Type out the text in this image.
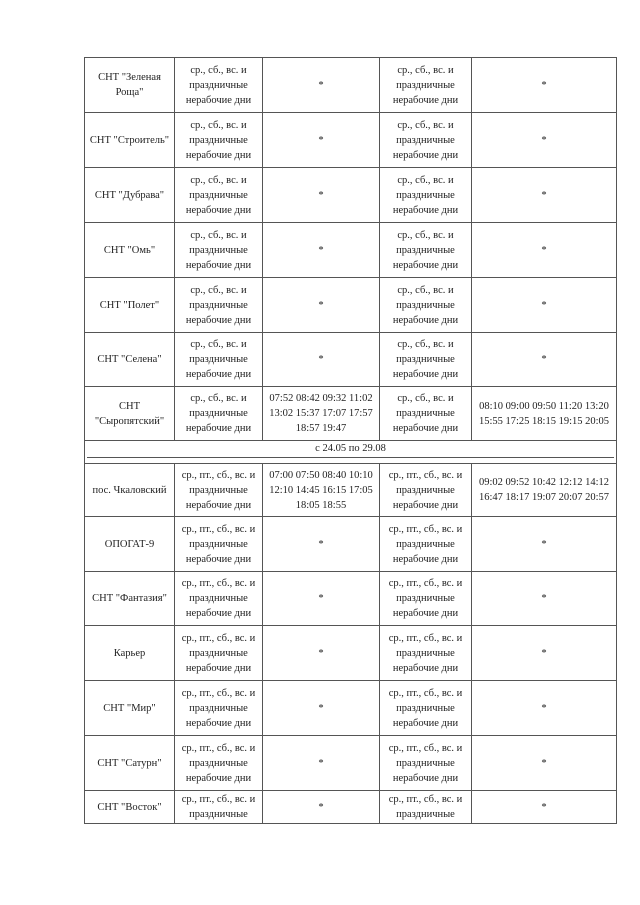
СНТ "Зеленая Роща"	ср., сб., вс. и праздничные нерабочие дни	*	ср., сб., вс. и праздничные нерабочие дни	*
СНТ "Строитель"	ср., сб., вс. и праздничные нерабочие дни	*	ср., сб., вс. и праздничные нерабочие дни	*
СНТ "Дубрава"	ср., сб., вс. и праздничные нерабочие дни	*	ср., сб., вс. и праздничные нерабочие дни	*
СНТ "Омь"	ср., сб., вс. и праздничные нерабочие дни	*	ср., сб., вс. и праздничные нерабочие дни	*
СНТ "Полет"	ср., сб., вс. и праздничные нерабочие дни	*	ср., сб., вс. и праздничные нерабочие дни	*
СНТ "Селена"	ср., сб., вс. и праздничные нерабочие дни	*	ср., сб., вс. и праздничные нерабочие дни	*
СНТ "Сыропятский"	ср., сб., вс. и праздничные нерабочие дни	07:52 08:42 09:32 11:02 13:02 15:37 17:07 17:57 18:57 19:47	ср., сб., вс. и праздничные нерабочие дни	08:10 09:00 09:50 11:20 13:20 15:55 17:25 18:15 19:15 20:05

с 24.05 по 29.08				

пос. Чкаловский	ср., пт., сб., вс. и праздничные нерабочие дни	07:00 07:50 08:40 10:10 12:10 14:45 16:15 17:05 18:05 18:55	ср., пт., сб., вс. и праздничные нерабочие дни	09:02 09:52 10:42 12:12 14:12 16:47 18:17 19:07 20:07 20:57
ОПОГАТ-9	ср., пт., сб., вс. и праздничные нерабочие дни	*	ср., пт., сб., вс. и праздничные нерабочие дни	*
СНТ "Фантазия"	ср., пт., сб., вс. и праздничные нерабочие дни	*	ср., пт., сб., вс. и праздничные нерабочие дни	*
Карьер	ср., пт., сб., вс. и праздничные нерабочие дни	*	ср., пт., сб., вс. и праздничные нерабочие дни	*
СНТ "Мир"	ср., пт., сб., вс. и праздничные нерабочие дни	*	ср., пт., сб., вс. и праздничные нерабочие дни	*
СНТ "Сатурн"	ср., пт., сб., вс. и праздничные нерабочие дни	*	ср., пт., сб., вс. и праздничные нерабочие дни	*
СНТ "Восток"	ср., пт., сб., вс. и праздничные	*	ср., пт., сб., вс. и праздничные	*
